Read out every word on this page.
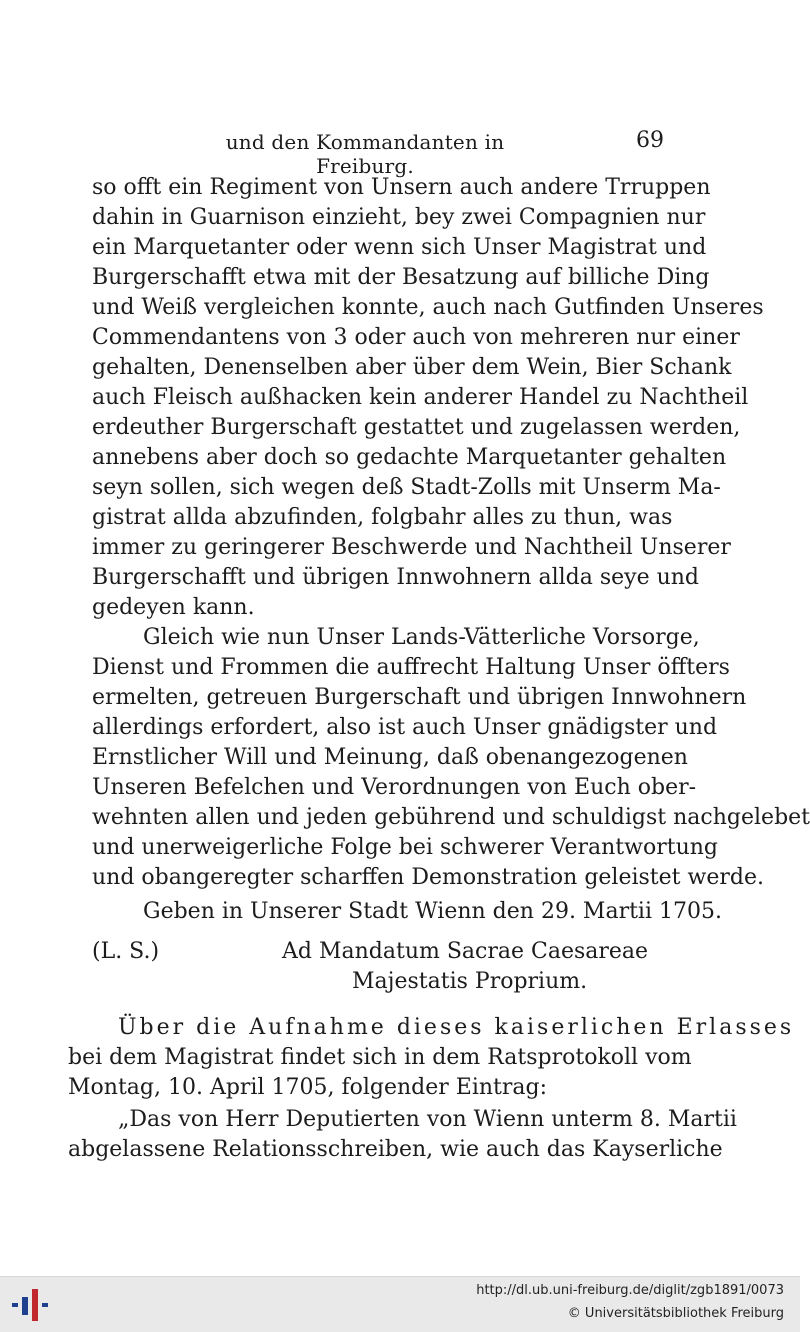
und den Kommandanten in Freiburg.
69
so offt ein Regiment von Unsern auch andere Trruppen
dahin in Guarnison einzieht, bey zwei Compagnien nur
ein Marquetanter oder wenn sich Unser Magistrat und
Burgerschafft etwa mit der Besatzung auf billiche Ding
und Weiß vergleichen konnte, auch nach Gutfinden Unseres
Commendantens von 3 oder auch von mehreren nur einer
gehalten, Denenselben aber über dem Wein, Bier Schank
auch Fleisch außhacken kein anderer Handel zu Nachtheil
erdeuther Burgerschaft gestattet und zugelassen werden,
annebens aber doch so gedachte Marquetanter gehalten
seyn sollen, sich wegen deß Stadt-Zolls mit Unserm Ma-
gistrat allda abzufinden, folgbahr alles zu thun, was
immer zu geringerer Beschwerde und Nachtheil Unserer
Burgerschafft und übrigen Innwohnern allda seye und
gedeyen kann.
Gleich wie nun Unser Lands-Vätterliche Vorsorge,
Dienst und Frommen die auffrecht Haltung Unser öffters
ermelten, getreuen Burgerschaft und übrigen Innwohnern
allerdings erfordert, also ist auch Unser gnädigster und
Ernstlicher Will und Meinung, daß obenangezogenen
Unseren Befelchen und Verordnungen von Euch ober-
wehnten allen und jeden gebührend und schuldigst nachgelebet
und unerweigerliche Folge bei schwerer Verantwortung
und obangeregter scharffen Demonstration geleistet werde.
Geben in Unserer Stadt Wienn den 29. Martii 1705.
(L. S.)	Ad Mandatum Sacrae Caesareae
Majestatis Proprium.
Über die Aufnahme dieses kaiserlichen Erlasses
bei dem Magistrat findet sich in dem Ratsprotokoll vom
Montag, 10. April 1705, folgender Eintrag:
„Das von Herr Deputierten von Wienn unterm 8. Martii
abgelassene Relationsschreiben, wie auch das Kayserliche
http://dl.ub.uni-freiburg.de/diglit/zgb1891/0073
© Universitätsbibliothek Freiburg
